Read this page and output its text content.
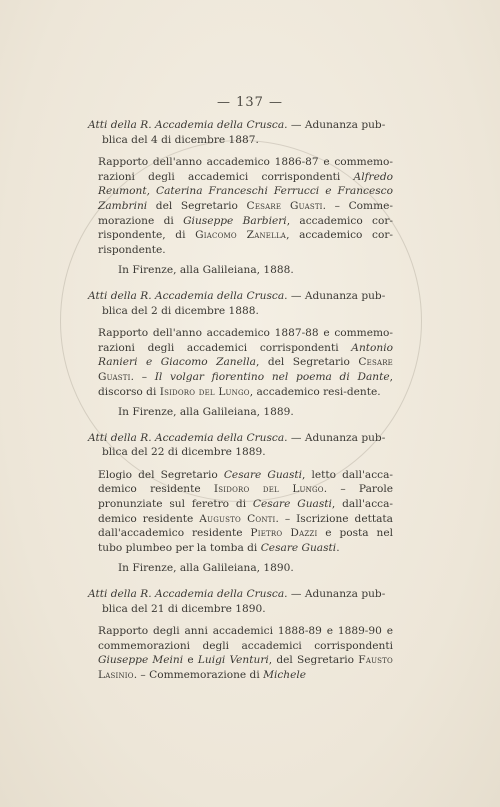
— 137 —
Atti della R. Accademia della Crusca. — Adunanza pub-
blica del 4 di dicembre 1887.
Rapporto dell'anno accademico 1886-87 e commemo-razioni degli accademici corrispondenti Alfredo Reumont, Caterina Franceschi Ferrucci e Francesco Zambrini del Segretario Cesare Guasti. – Comme-morazione di Giuseppe Barbieri, accademico cor-rispondente, di Giacomo Zanella, accademico cor-rispondente.
In Firenze, alla Galileiana, 1888.
Atti della R. Accademia della Crusca. — Adunanza pub-
blica del 2 di dicembre 1888.
Rapporto dell'anno accademico 1887-88 e commemo-razioni degli accademici corrispondenti Antonio Ranieri e Giacomo Zanella, del Segretario Cesare Guasti. – Il volgar fiorentino nel poema di Dante, discorso di Isidoro del Lungo, accademico resi-dente.
In Firenze, alla Galileiana, 1889.
Atti della R. Accademia della Crusca. — Adunanza pub-
blica del 22 di dicembre 1889.
Elogio del Segretario Cesare Guasti, letto dall'acca-demico residente Isidoro del Lungo. – Parole pronunziate sul feretro di Cesare Guasti, dall'acca-demico residente Augusto Conti. – Iscrizione dettata dall'accademico residente Pietro Dazzi e posta nel tubo plumbeo per la tomba di Cesare Guasti.
In Firenze, alla Galileiana, 1890.
Atti della R. Accademia della Crusca. — Adunanza pub-
blica del 21 di dicembre 1890.
Rapporto degli anni accademici 1888-89 e 1889-90 e commemorazioni degli accademici corrispondenti Giuseppe Meini e Luigi Venturi, del Segretario Fausto Lasinio. – Commemorazione di Michele
